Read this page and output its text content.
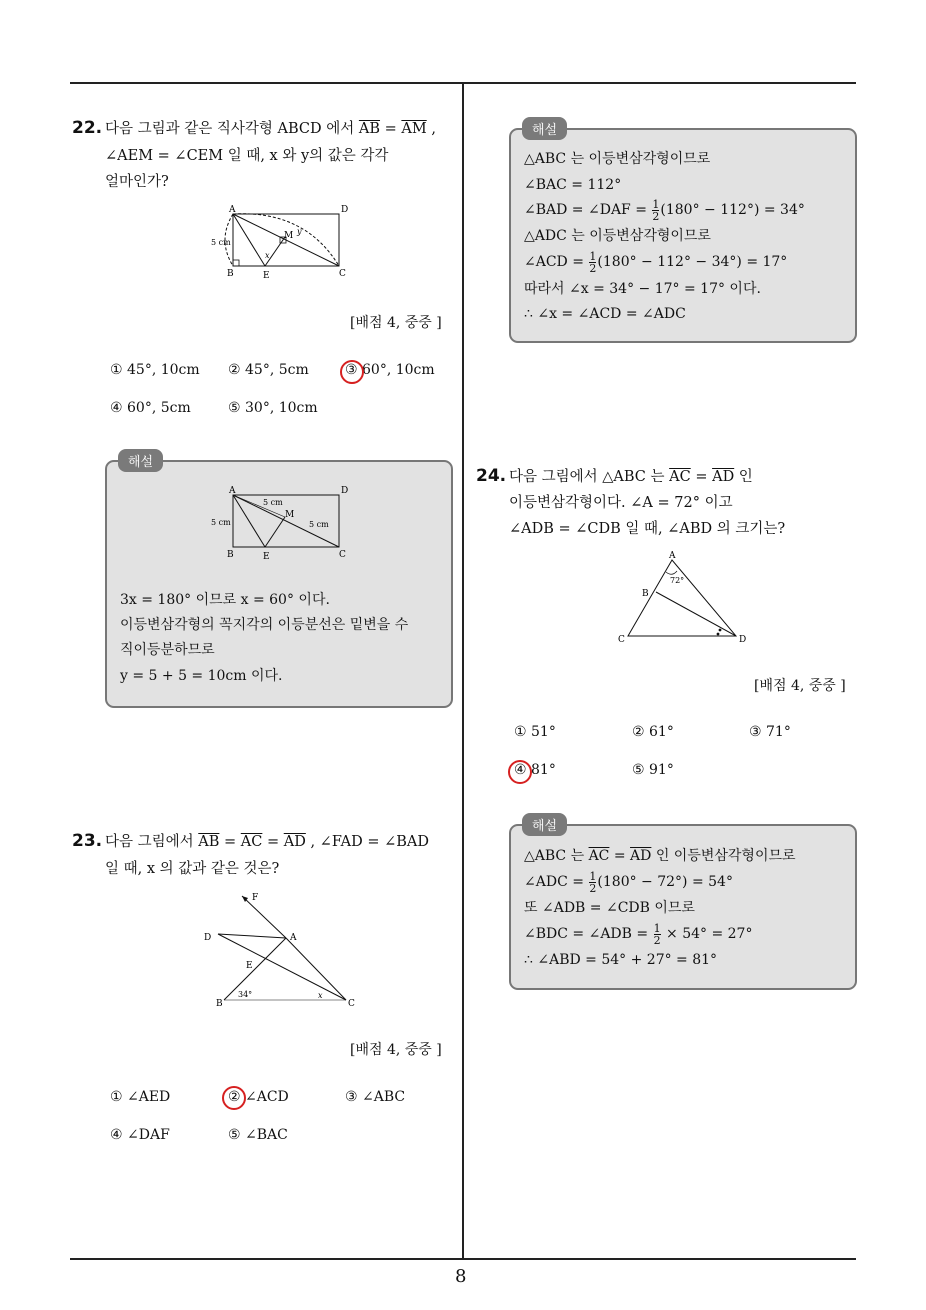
8
22. 다음 그림과 같은 직사각형 ABCD 에서 $\overline{AB} = \overline{AM}$ ,
∠AEM = ∠CEM 일 때, x 와 y의 값은 각각
얼마인가?
A	D
B	C
E
M
x
y
5 cm
[배점 4, 중중 ]
① 45°, 10cm ② 45°, 5cm	③ 60°, 10cm
④ 60°, 5cm	⑤ 30°, 10cm
해설
A	D
B	C
E
M
5 cm
5 cm
5 cm
3x = 180° 이므로 x = 60° 이다.
이등변삼각형의 꼭지각의 이등분선은 밑변을 수
직이등분하므로
y = 5 + 5 = 10cm 이다.
23. 다음 그림에서 $\overline{AB} = \overline{AC} = \overline{AD}$ , ∠FAD = ∠BAD
일 때, x 의 값과 같은 것은?
F
D	A
E
B	C
34°	x
[배점 4, 중중 ]
① ∠AED	② ∠ACD	③ ∠ABC
④ ∠DAF	⑤ ∠BAC
해설
△ABC 는 이등변삼각형이므로
∠BAC = 112°
∠BAD = ∠DAF = $\frac{1}{2} (180^\circ - 112^\circ) = 34^\circ$
△ADC 는 이등변삼각형이므로
∠ACD = $\frac{1}{2} (180^\circ - 112^\circ - 34^\circ) = 17^\circ$
따라서 ∠x = 34° − 17° = 17° 이다.
∴ ∠x = ∠ACD = ∠ADC
24. 다음 그림에서 △ABC 는 $\overline{AC} = \overline{AD}$ 인
이등변삼각형이다. ∠A = 72° 이고
∠ADB = ∠CDB 일 때, ∠ABD 의 크기는?
A
B
C	D
72°
[배점 4, 중중 ]
① 51°	② 61°	③ 71°
④ 81°	⑤ 91°
해설
△ABC 는 $\overline{AC} = \overline{AD}$ 인 이등변삼각형이므로
∠ADC = $\frac{1}{2} (180^\circ - 72^\circ) = 54^\circ$
또 ∠ADB = ∠CDB 이므로
∠BDC = ∠ADB = $\frac{1}{2} \times 54^\circ = 27^\circ$
∴ ∠ABD = 54° + 27° = 81°
